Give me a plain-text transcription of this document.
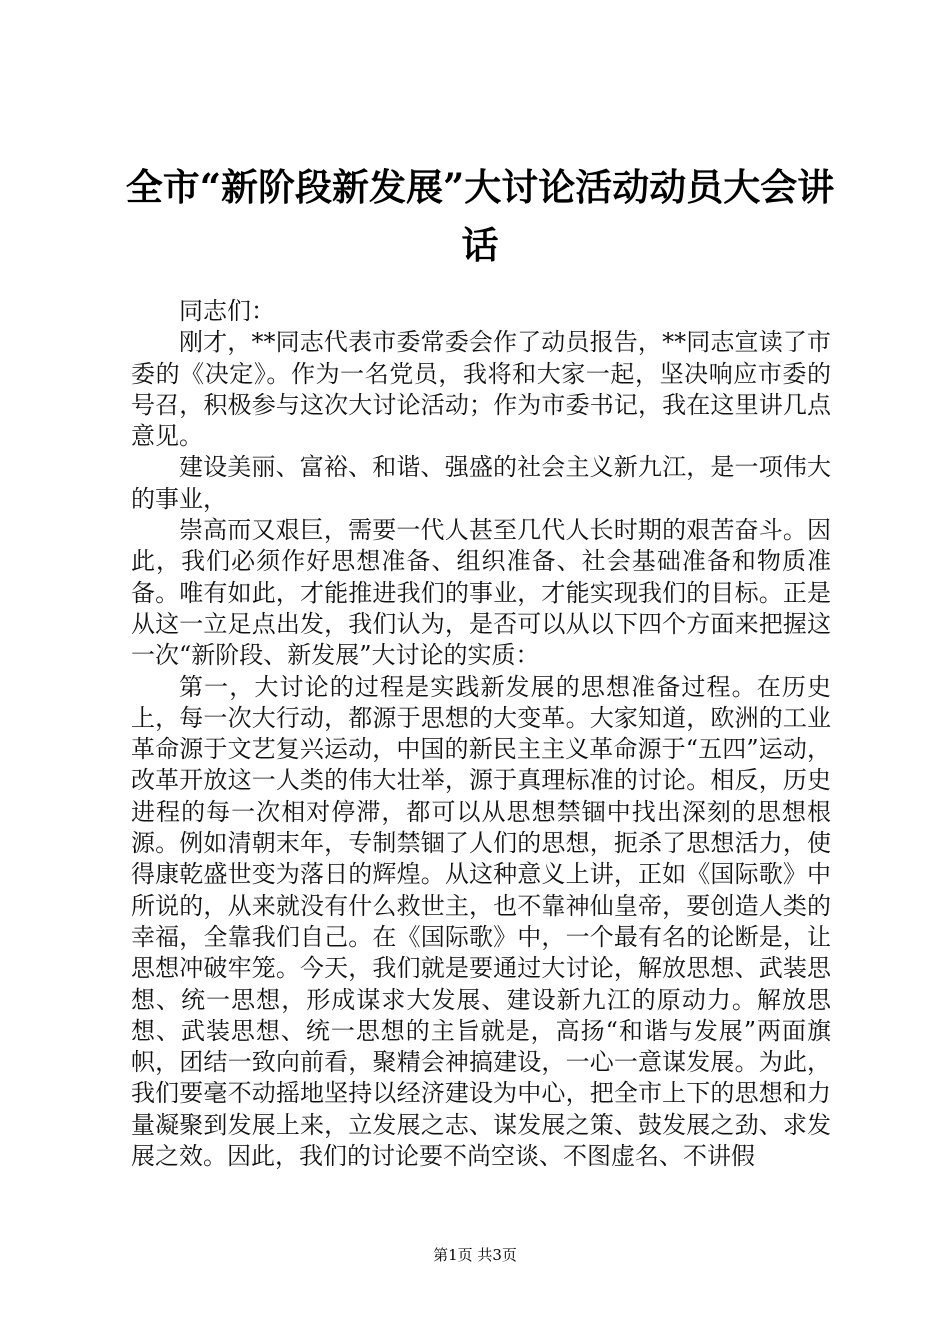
全市“新阶段新发展”大讨论活动动员大会讲话

同志们：

刚才，**同志代表市委常委会作了动员报告，**同志宣读了市委的《决定》。作为一名党员，我将和大家一起，坚决响应市委的号召，积极参与这次大讨论活动；作为市委书记，我在这里讲几点意见。

建设美丽、富裕、和谐、强盛的社会主义新九江，是一项伟大的事业，

崇高而又艰巨，需要一代人甚至几代人长时期的艰苦奋斗。因此，我们必须作好思想准备、组织准备、社会基础准备和物质准备。唯有如此，才能推进我们的事业，才能实现我们的目标。正是从这一立足点出发，我们认为，是否可以从以下四个方面来把握这一次“新阶段、新发展”大讨论的实质：

第一，大讨论的过程是实践新发展的思想准备过程。在历史上，每一次大行动，都源于思想的大变革。大家知道，欧洲的工业革命源于文艺复兴运动，中国的新民主主义革命源于“五四”运动，改革开放这一人类的伟大壮举，源于真理标准的讨论。相反，历史进程的每一次相对停滞，都可以从思想禁锢中找出深刻的思想根源。例如清朝末年，专制禁锢了人们的思想，扼杀了思想活力，使得康乾盛世变为落日的辉煌。从这种意义上讲，正如《国际歌》中所说的，从来就没有什么救世主，也不靠神仙皇帝，要创造人类的幸福，全靠我们自己。在《国际歌》中，一个最有名的论断是，让思想冲破牢笼。今天，我们就是要通过大讨论，解放思想、武装思想、统一思想，形成谋求大发展、建设新九江的原动力。解放思想、武装思想、统一思想的主旨就是，高扬“和谐与发展”两面旗帜，团结一致向前看，聚精会神搞建设，一心一意谋发展。为此，我们要毫不动摇地坚持以经济建设为中心，把全市上下的思想和力量凝聚到发展上来，立发展之志、谋发展之策、鼓发展之劲、求发展之效。因此，我们的讨论要不尚空谈、不图虚名、不讲假

第1页 共3页
